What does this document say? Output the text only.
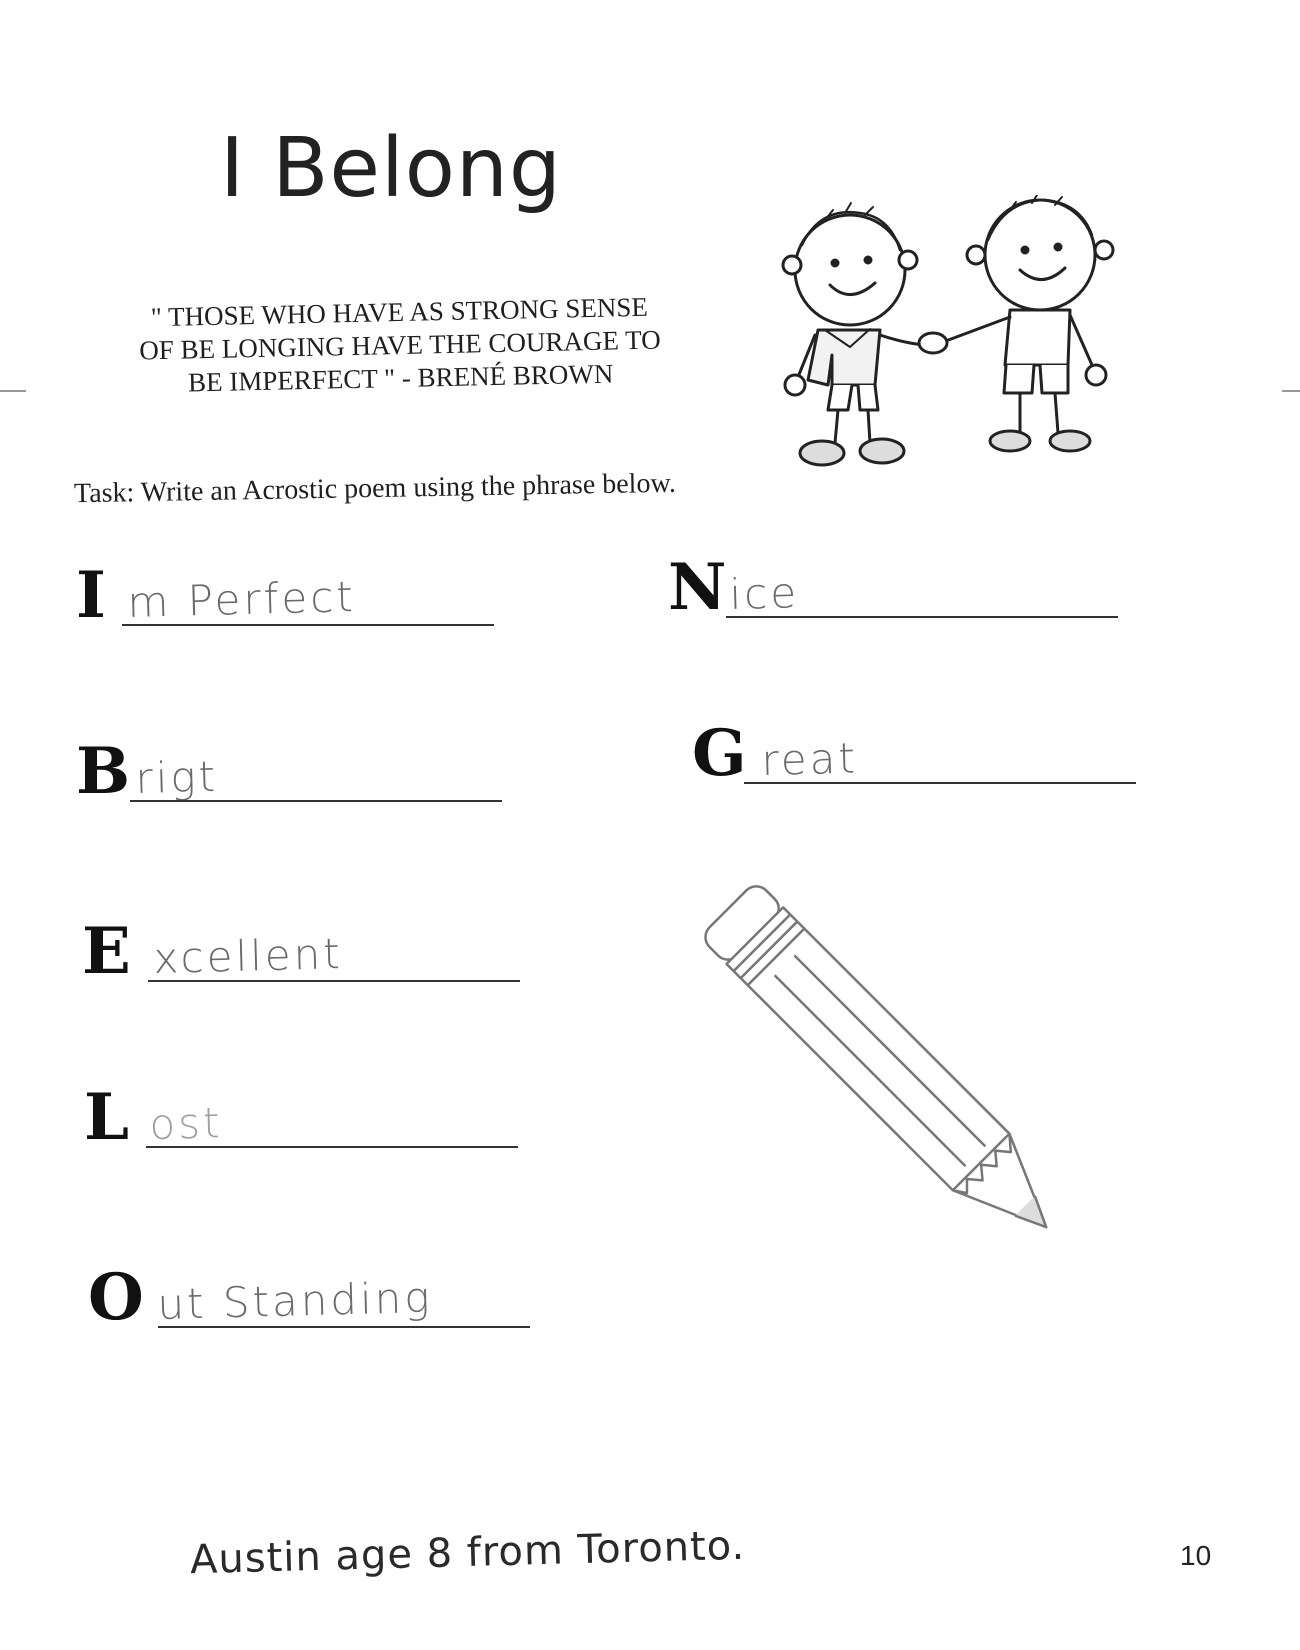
I Belong
" THOSE WHO HAVE AS STRONG SENSE
OF BE LONGING HAVE THE COURAGE TO
BE IMPERFECT " - BRENÉ BROWN

Task: Write an Acrostic poem using the phrase below.

I m Perfect
B rigt
E xcellent
L ost
O ut Standing
N ice
G reat
Austin age 8 from Toronto.	10
